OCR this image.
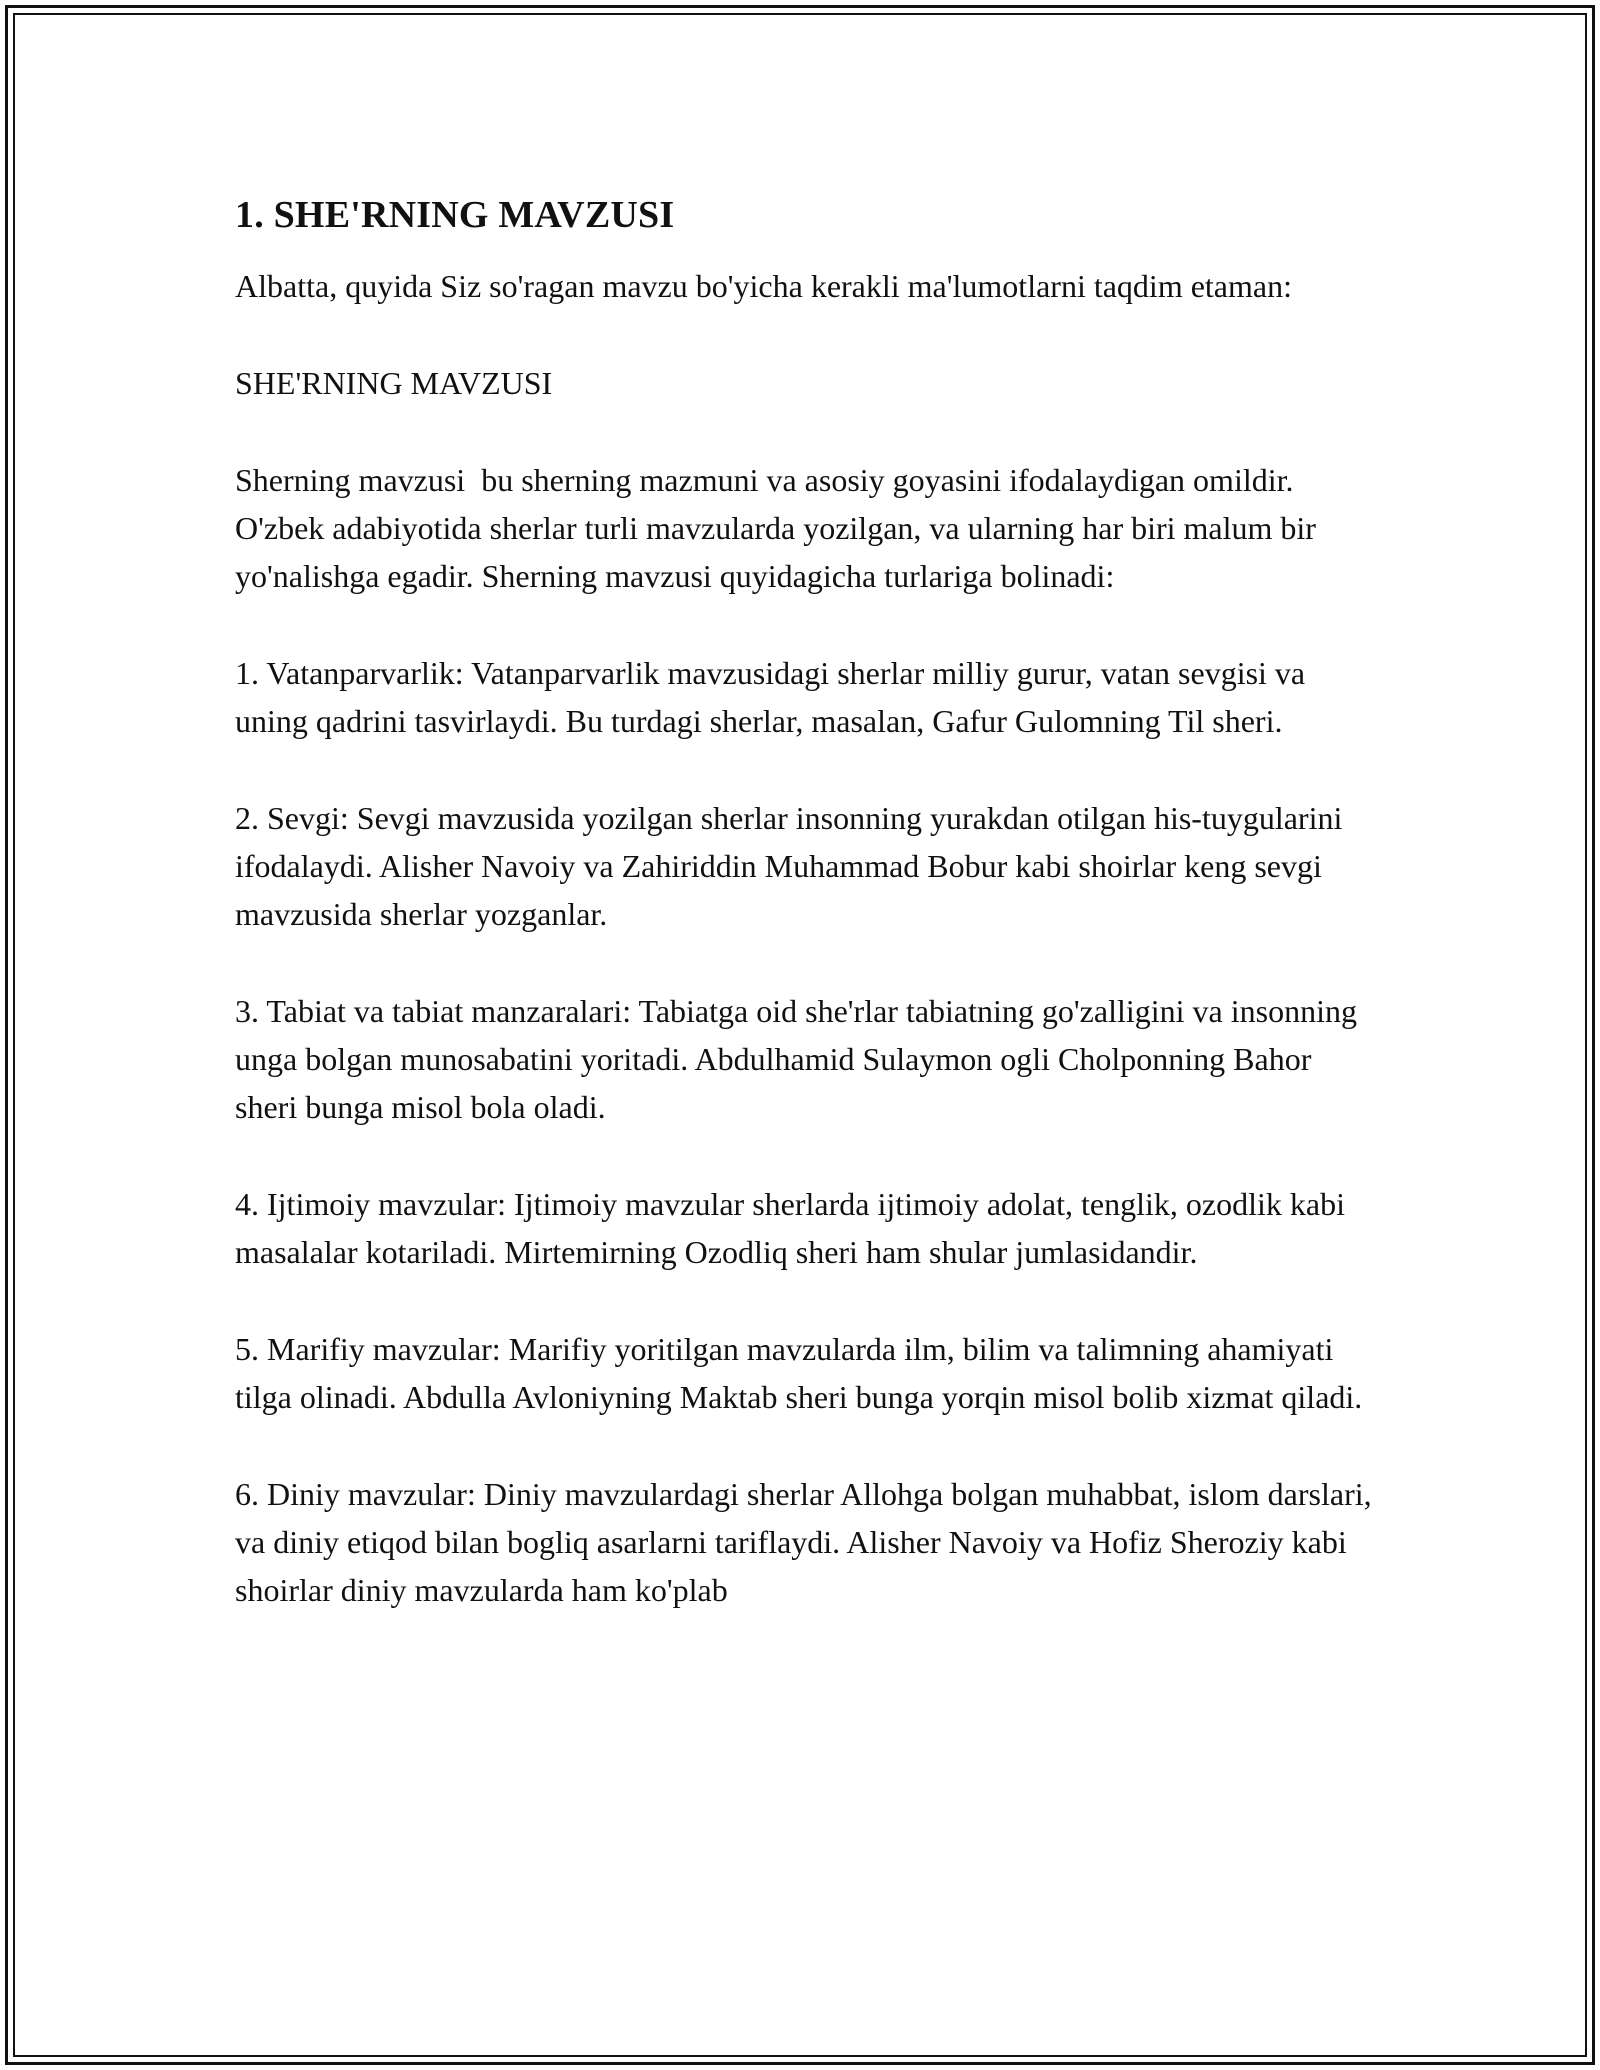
1. SHE'RNING MAVZUSI

Albatta, quyida Siz so'ragan mavzu bo'yicha kerakli ma'lumotlarni taqdim etaman:

SHE'RNING MAVZUSI

Sherning mavzusi  bu sherning mazmuni va asosiy goyasini ifodalaydigan omildir. O'zbek adabiyotida sherlar turli mavzularda yozilgan, va ularning har biri malum bir yo'nalishga egadir. Sherning mavzusi quyidagicha turlariga bolinadi:

1. Vatanparvarlik: Vatanparvarlik mavzusidagi sherlar milliy gurur, vatan sevgisi va uning qadrini tasvirlaydi. Bu turdagi sherlar, masalan, Gafur Gulomning Til sheri.

2. Sevgi: Sevgi mavzusida yozilgan sherlar insonning yurakdan otilgan his-tuygularini ifodalaydi. Alisher Navoiy va Zahiriddin Muhammad Bobur kabi shoirlar keng sevgi mavzusida sherlar yozganlar.

3. Tabiat va tabiat manzaralari: Tabiatga oid she'rlar tabiatning go'zalligini va insonning unga bolgan munosabatini yoritadi. Abdulhamid Sulaymon ogli Cholponning Bahor sheri bunga misol bola oladi.

4. Ijtimoiy mavzular: Ijtimoiy mavzular sherlarda ijtimoiy adolat, tenglik, ozodlik kabi masalalar kotariladi. Mirtemirning Ozodliq sheri ham shular jumlasidandir.

5. Marifiy mavzular: Marifiy yoritilgan mavzularda ilm, bilim va talimning ahamiyati tilga olinadi. Abdulla Avloniyning Maktab sheri bunga yorqin misol bolib xizmat qiladi.

6. Diniy mavzular: Diniy mavzulardagi sherlar Allohga bolgan muhabbat, islom darslari, va diniy etiqod bilan bogliq asarlarni tariflaydi. Alisher Navoiy va Hofiz Sheroziy kabi shoirlar diniy mavzularda ham ko'plab
